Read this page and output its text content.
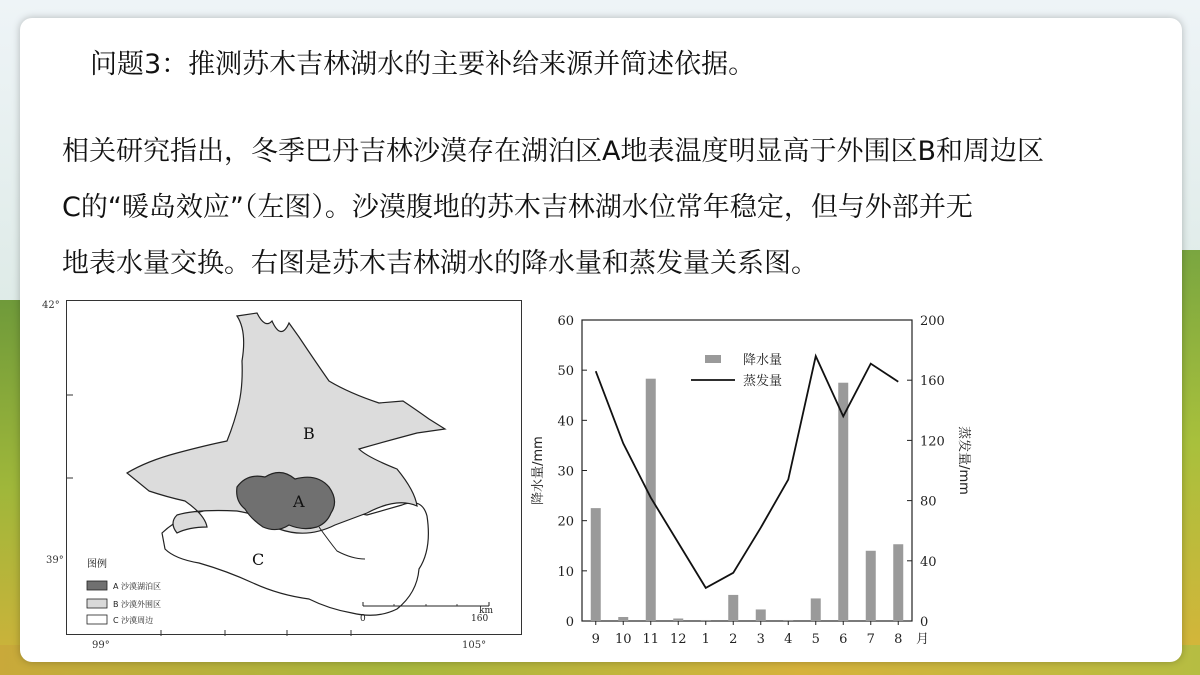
问题3：推测苏木吉林湖水的主要补给来源并简述依据。
相关研究指出，冬季巴丹吉林沙漠存在湖泊区A地表温度明显高于外围区B和周边区
C的“暖岛效应”（左图）。沙漠腹地的苏木吉林湖水位常年稳定，但与外部并无
地表水量交换。右图是苏木吉林湖水的降水量和蒸发量关系图。
42°
39°
99°	105°
B
A
C
图例
A 沙漠湖泊区
B 沙漠外围区
C 沙漠周边
km
0	160	0
10
20
30
40
50
60
0
40
80
120
160
200
9 10 11 12 1 2 3 4 5 6 7 8 月
降水量/mm	蒸发量/mm
降水量
蒸发量
